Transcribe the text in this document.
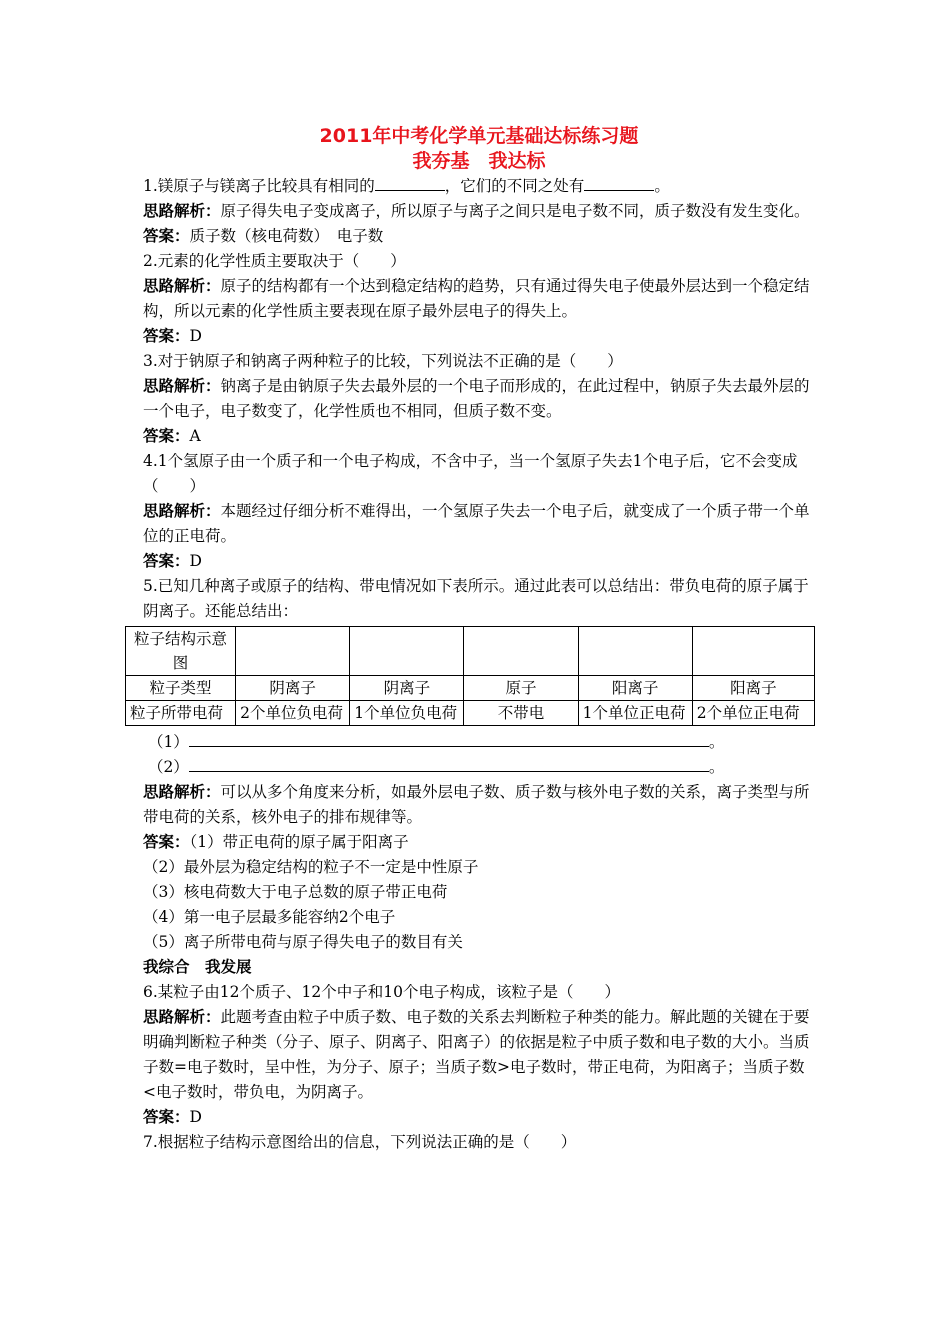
2011年中考化学单元基础达标练习题
我夯基　我达标

1.镁原子与镁离子比较具有相同的	，它们的不同之处有	。

思路解析：原子得失电子变成离子，所以原子与离子之间只是电子数不同，质子数没有发生变化。

答案：质子数（核电荷数）　电子数

2.元素的化学性质主要取决于（　　）

思路解析：原子的结构都有一个达到稳定结构的趋势，只有通过得失电子使最外层达到一个稳定结构，所以元素的化学性质主要表现在原子最外层电子的得失上。

答案：D

3.对于钠原子和钠离子两种粒子的比较，下列说法不正确的是（　　）

思路解析：钠离子是由钠原子失去最外层的一个电子而形成的，在此过程中，钠原子失去最外层的一个电子，电子数变了，化学性质也不相同，但质子数不变。

答案：A

4.1个氢原子由一个质子和一个电子构成，不含中子，当一个氢原子失去1个电子后，它不会变成（　　）

思路解析：本题经过仔细分析不难得出，一个氢原子失去一个电子后，就变成了一个质子带一个单位的正电荷。

答案：D

5.已知几种离子或原子的结构、带电情况如下表所示。通过此表可以总结出：带负电荷的原子属于阴离子。还能总结出：

粒子结构示意图					
粒子类型	阴离子	阴离子	原子	阳离子	阳离子
粒子所带电荷	2个单位负电荷	1个单位负电荷	不带电	1个单位正电荷	2个单位正电荷

（1）	。

（2）	。

思路解析：可以从多个角度来分析，如最外层电子数、质子数与核外电子数的关系，离子类型与所带电荷的关系，核外电子的排布规律等。

答案：（1）带正电荷的原子属于阳离子

（2）最外层为稳定结构的粒子不一定是中性原子

（3）核电荷数大于电子总数的原子带正电荷

（4）第一电子层最多能容纳2个电子

（5）离子所带电荷与原子得失电子的数目有关

我综合　我发展

6.某粒子由12个质子、12个中子和10个电子构成，该粒子是（　　）

思路解析：此题考查由粒子中质子数、电子数的关系去判断粒子种类的能力。解此题的关键在于要明确判断粒子种类（分子、原子、阴离子、阳离子）的依据是粒子中质子数和电子数的大小。当质子数=电子数时，呈中性，为分子、原子；当质子数>电子数时，带正电荷，为阳离子；当质子数<电子数时，带负电，为阴离子。

答案：D

7.根据粒子结构示意图给出的信息，下列说法正确的是（　　）
